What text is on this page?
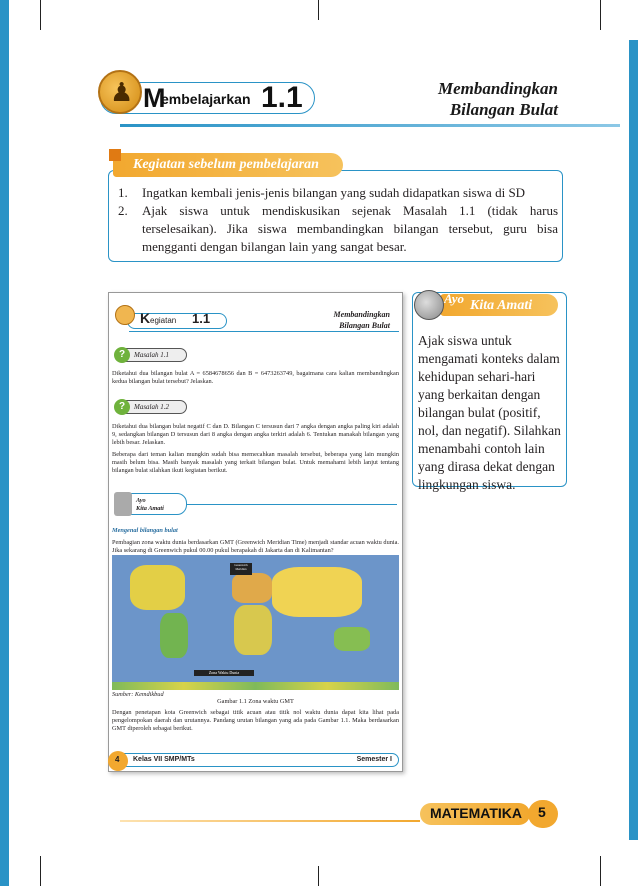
M
embelajarkan 1.1
♟	Membandingkan
Bilangan Bulat
Kegiatan sebelum pembelajaran
1. Ingatkan kembali jenis-jenis bilangan yang sudah didapatkan siswa di SD
2. Ajak siswa untuk mendiskusikan sejenak Masalah 1.1 (tidak harus terselesaikan). Jika siswa membandingkan bilangan tersebut, guru bisa mengganti dengan bilangan lain yang sangat besar.
K egiatan 1.1	Membandingkan
Bilangan Bulat
?	Masalah 1.1
Diketahui dua bilangan bulat A = 6584678656 dan B = 6473263749, bagaimana cara kalian membandingkan kedua bilangan bulat tersebut? Jelaskan.
?	Masalah 1.2
Diketahui dua bilangan bulat negatif C dan D. Bilangan C tersusun dari 7 angka dengan angka paling kiri adalah 9, sedangkan bilangan D tersusun dari 8 angka dengan angka terkiri adalah 6. Tentukan manakah bilangan yang lebih besar. Jelaskan.
Beberapa dari teman kalian mungkin sudah bisa memecahkan masalah tersebut, beberapa yang lain mungkin masih belum bisa. Masih banyak masalah yang terkait bilangan bulat. Untuk memahami lebih lanjut tentang bilangan bulat silahkan ikuti kegiatan berikut.
Ayo
Kita Amati
Mengenal bilangan bulat
Pembagian zona waktu dunia berdasarkan GMT (Greenwich Meridian Time) menjadi standar acuan waktu dunia. Jika sekarang di Greenwich pukul 00.00 pukul berapakah di Jakarta dan di Kalimantan?
Greenwich Meridian
Zona Waktu Dunia
Sumber: Kemdikbud
Gambar 1.1 Zona waktu GMT
Dengan penetapan kota Greenwich sebagai titik acuan atau titik nol waktu dunia dapat kita lihat pada pengelompokan daerah dan urutannya. Pandang urutan bilangan yang ada pada Gambar 1.1. Maka berdasarkan GMT diperoleh sebagai berikut.
4 Kelas VII SMP/MTs	Semester I
Ayo Kita Amati
Ajak siswa untuk mengamati konteks dalam kehidupan sehari-hari yang berkaitan dengan bilangan bulat (positif, nol, dan negatif). Silahkan menambahi contoh lain yang dirasa dekat dengan lingkungan siswa.
MATEMATIKA 5
